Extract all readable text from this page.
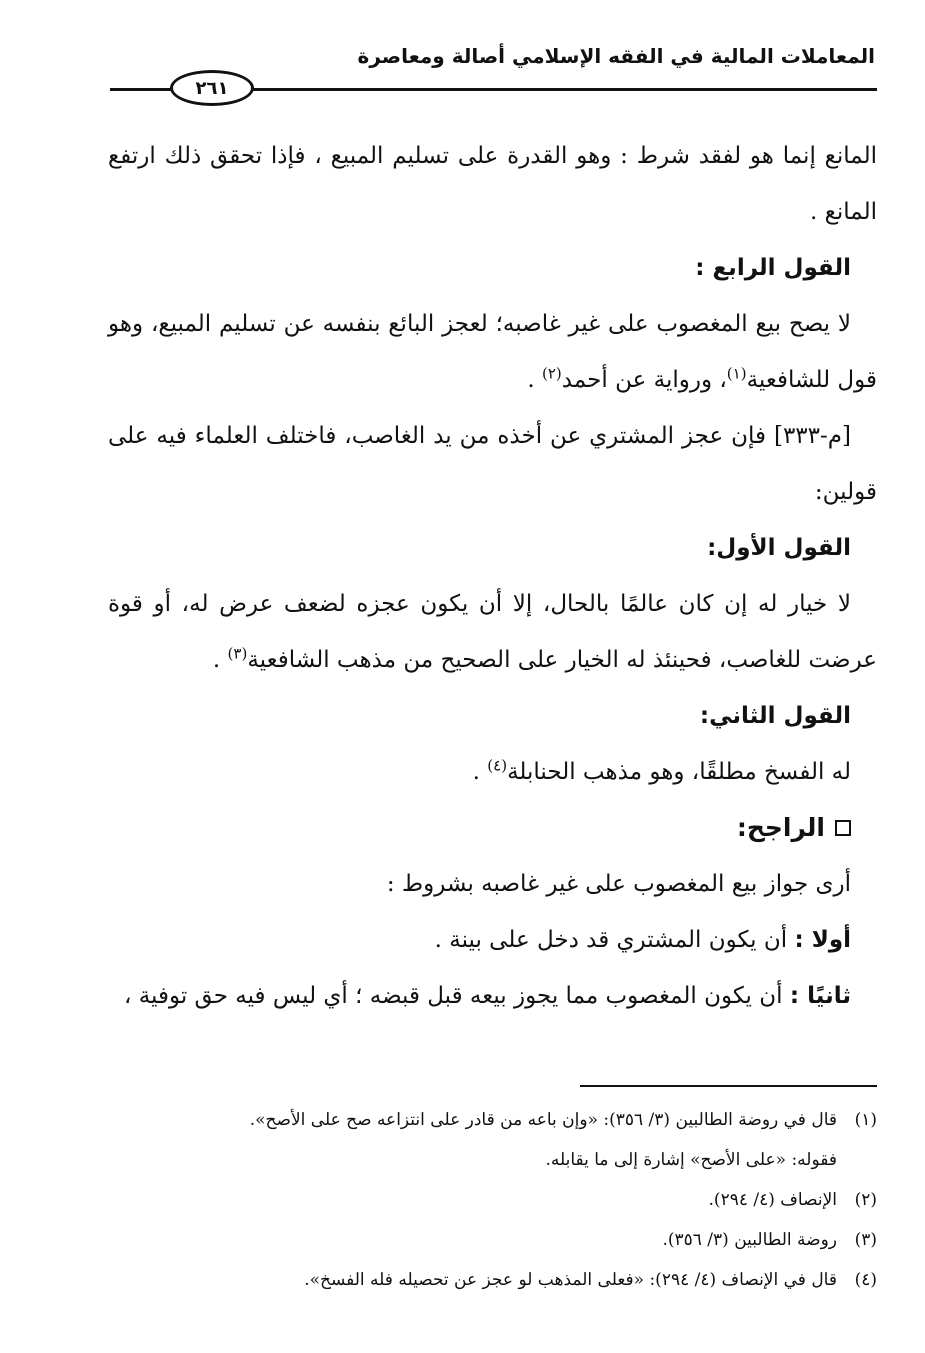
المعاملات المالية في الفقه الإسلامي أصالة ومعاصرة
٢٦١

المانع إنما هو لفقد شرط : وهو القدرة على تسليم المبيع ، فإذا تحقق ذلك ارتفع المانع .

القول الرابع :

لا يصح بيع المغصوب على غير غاصبه؛ لعجز البائع بنفسه عن تسليم المبيع، وهو قول للشافعية$^{(١)}$، ورواية عن أحمد$^{(٢)}$ .

[م-٣٣٣] فإن عجز المشتري عن أخذه من يد الغاصب، فاختلف العلماء فيه على قولين:

القول الأول:

لا خيار له إن كان عالمًا بالحال، إلا أن يكون عجزه لضعف عرض له، أو قوة عرضت للغاصب، فحينئذ له الخيار على الصحيح من مذهب الشافعية$^{(٣)}$ .

القول الثاني:

له الفسخ مطلقًا، وهو مذهب الحنابلة$^{(٤)}$ .

الراجح:

أرى جواز بيع المغصوب على غير غاصبه بشروط :

أولا : أن يكون المشتري قد دخل على بينة .

ثانيًا : أن يكون المغصوب مما يجوز بيعه قبل قبضه ؛ أي ليس فيه حق توفية ،

(١)قال في روضة الطالبين (٣/ ٣٥٦): «وإن باعه من قادر على انتزاعه صح على الأصح».
فقوله: «على الأصح» إشارة إلى ما يقابله.
(٢)الإنصاف (٤/ ٢٩٤).
(٣)روضة الطالبين (٣/ ٣٥٦).
(٤)قال في الإنصاف (٤/ ٢٩٤): «فعلى المذهب لو عجز عن تحصيله فله الفسخ».
